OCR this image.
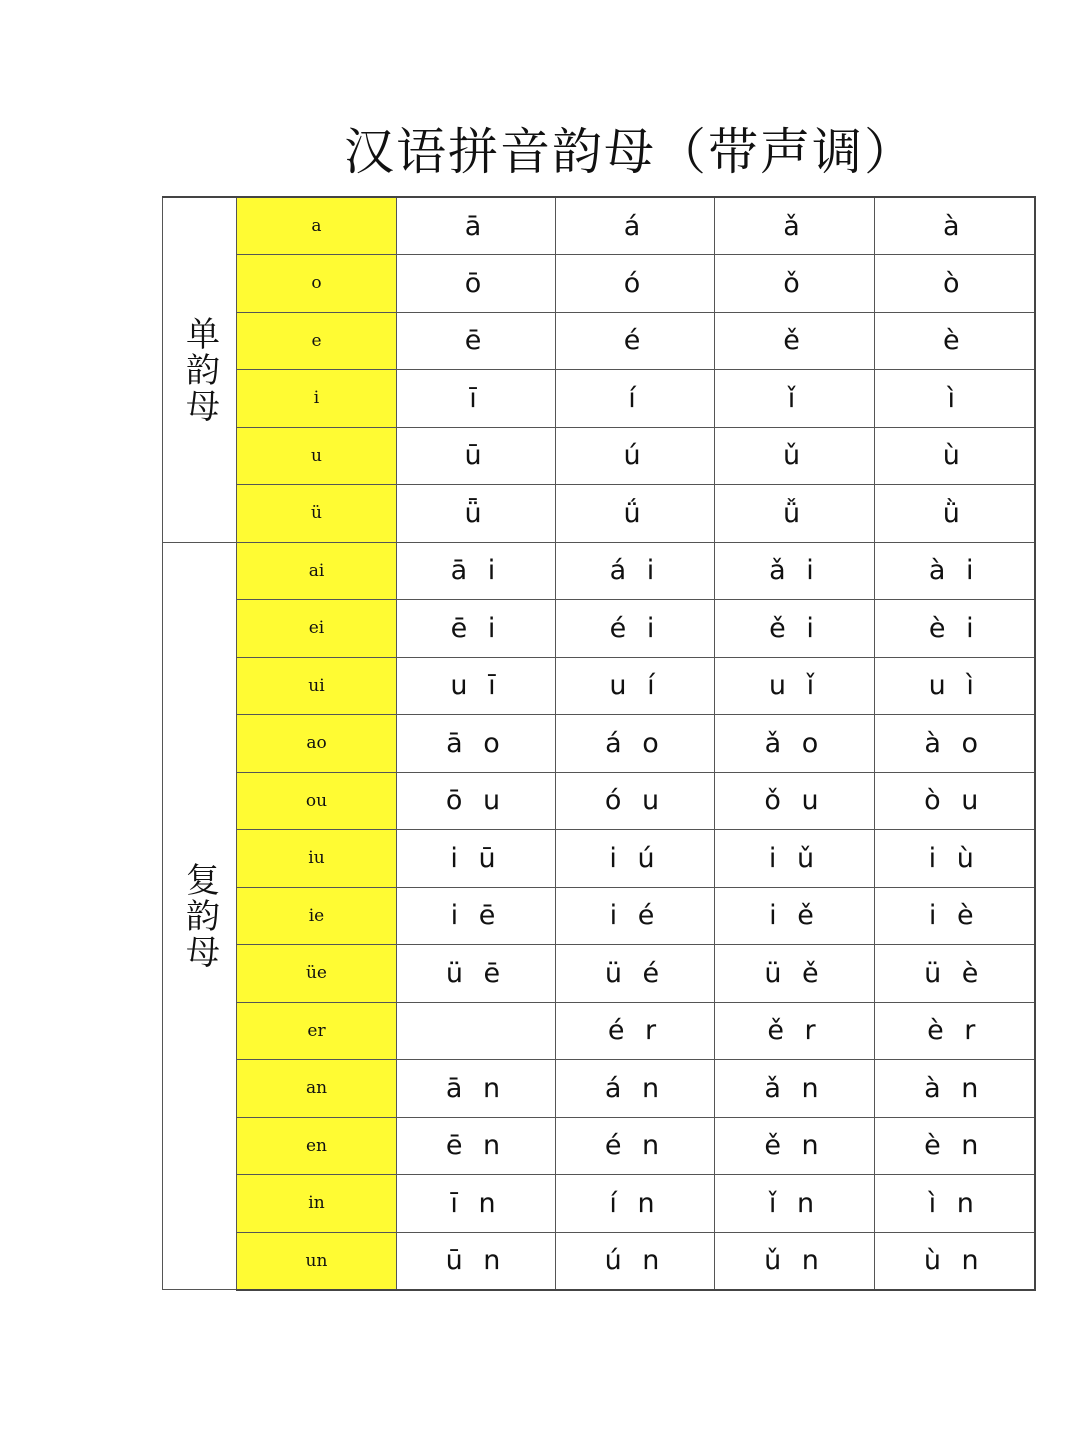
汉语拼音韵母（带声调）
单韵母	a	ā	á	ǎ	à
	o	ō	ó	ǒ	ò
	e	ē	é	ě	è
	i	ī	í	ǐ	ì
	u	ū	ú	ǔ	ù
	ü	ǖ	ǘ	ǚ	ǜ
复韵母	ai	ā i	á i	ǎ i	à i
	ei	ē i	é i	ě i	è i
	ui	u ī	u í	u ǐ	u ì
	ao	ā o	á o	ǎ o	à o
	ou	ō u	ó u	ǒ u	ò u
	iu	i ū	i ú	i ǔ	i ù
	ie	i ē	i é	i ě	i è
	üe	ü ē	ü é	ü ě	ü è
	er		é r	ě r	è r
	an	ā n	á n	ǎ n	à n
	en	ē n	é n	ě n	è n
	in	ī n	í n	ǐ n	ì n
	un	ū n	ú n	ǔ n	ù n
